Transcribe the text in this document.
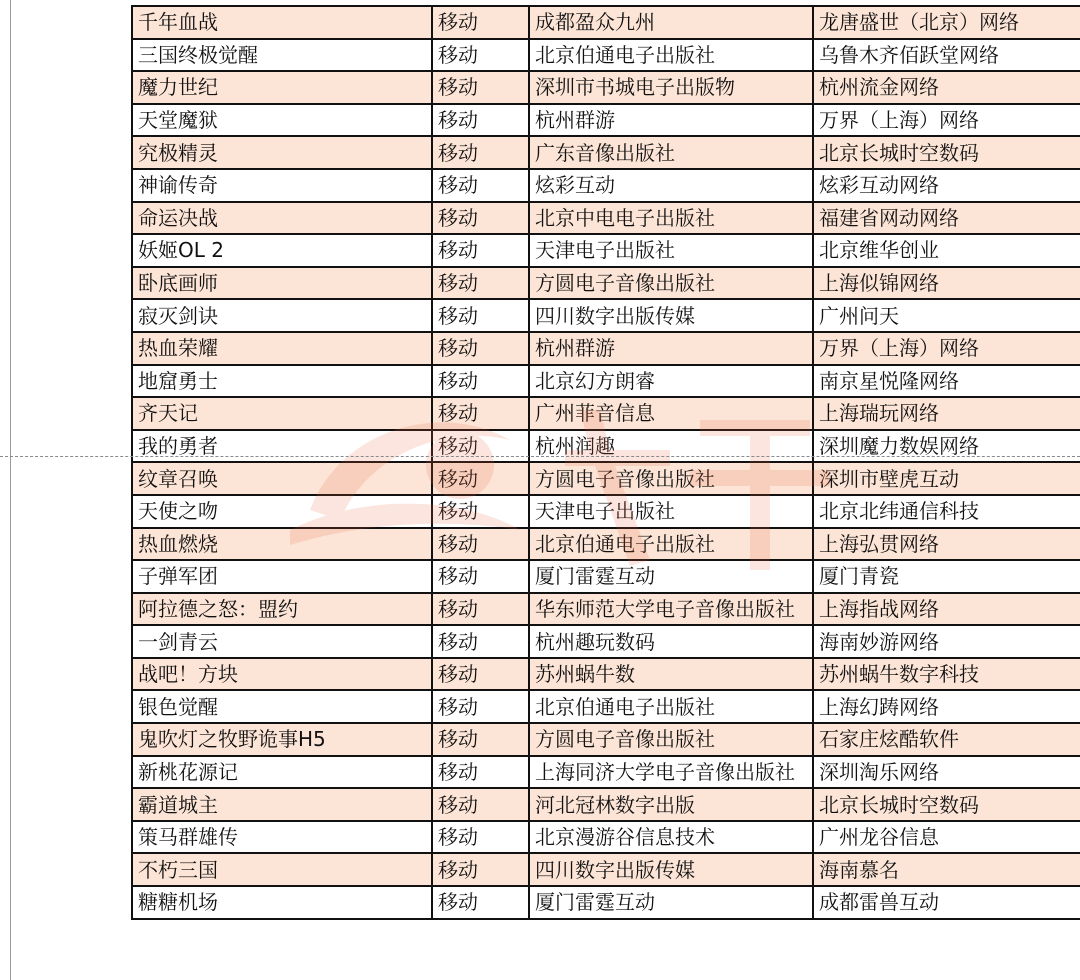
千年血战	移动	成都盈众九州	龙唐盛世（北京）网络
三国终极觉醒	移动	北京伯通电子出版社	乌鲁木齐佰跃堂网络
魔力世纪	移动	深圳市书城电子出版物	杭州流金网络
天堂魔狱	移动	杭州群游	万界（上海）网络
究极精灵	移动	广东音像出版社	北京长城时空数码
神谕传奇	移动	炫彩互动	炫彩互动网络
命运决战	移动	北京中电电子出版社	福建省网动网络
妖姬OL 2	移动	天津电子出版社	北京维华创业
卧底画师	移动	方圆电子音像出版社	上海似锦网络
寂灭剑诀	移动	四川数字出版传媒	广州问天
热血荣耀	移动	杭州群游	万界（上海）网络
地窟勇士	移动	北京幻方朗睿	南京星悦隆网络
齐天记	移动	广州菲音信息	上海瑞玩网络
我的勇者	移动	杭州润趣	深圳魔力数娱网络
纹章召唤	移动	方圆电子音像出版社	深圳市壁虎互动
天使之吻	移动	天津电子出版社	北京北纬通信科技
热血燃烧	移动	北京伯通电子出版社	上海弘贯网络
子弹军团	移动	厦门雷霆互动	厦门青瓷
阿拉德之怒：盟约	移动	华东师范大学电子音像出版社	上海指战网络
一剑青云	移动	杭州趣玩数码	海南妙游网络
战吧！方块	移动	苏州蜗牛数	苏州蜗牛数字科技
银色觉醒	移动	北京伯通电子出版社	上海幻踌网络
鬼吹灯之牧野诡事H5	移动	方圆电子音像出版社	石家庄炫酷软件
新桃花源记	移动	上海同济大学电子音像出版社	深圳淘乐网络
霸道城主	移动	河北冠林数字出版	北京长城时空数码
策马群雄传	移动	北京漫游谷信息技术	广州龙谷信息
不朽三国	移动	四川数字出版传媒	海南慕名
糖糖机场	移动	厦门雷霆互动	成都雷兽互动
